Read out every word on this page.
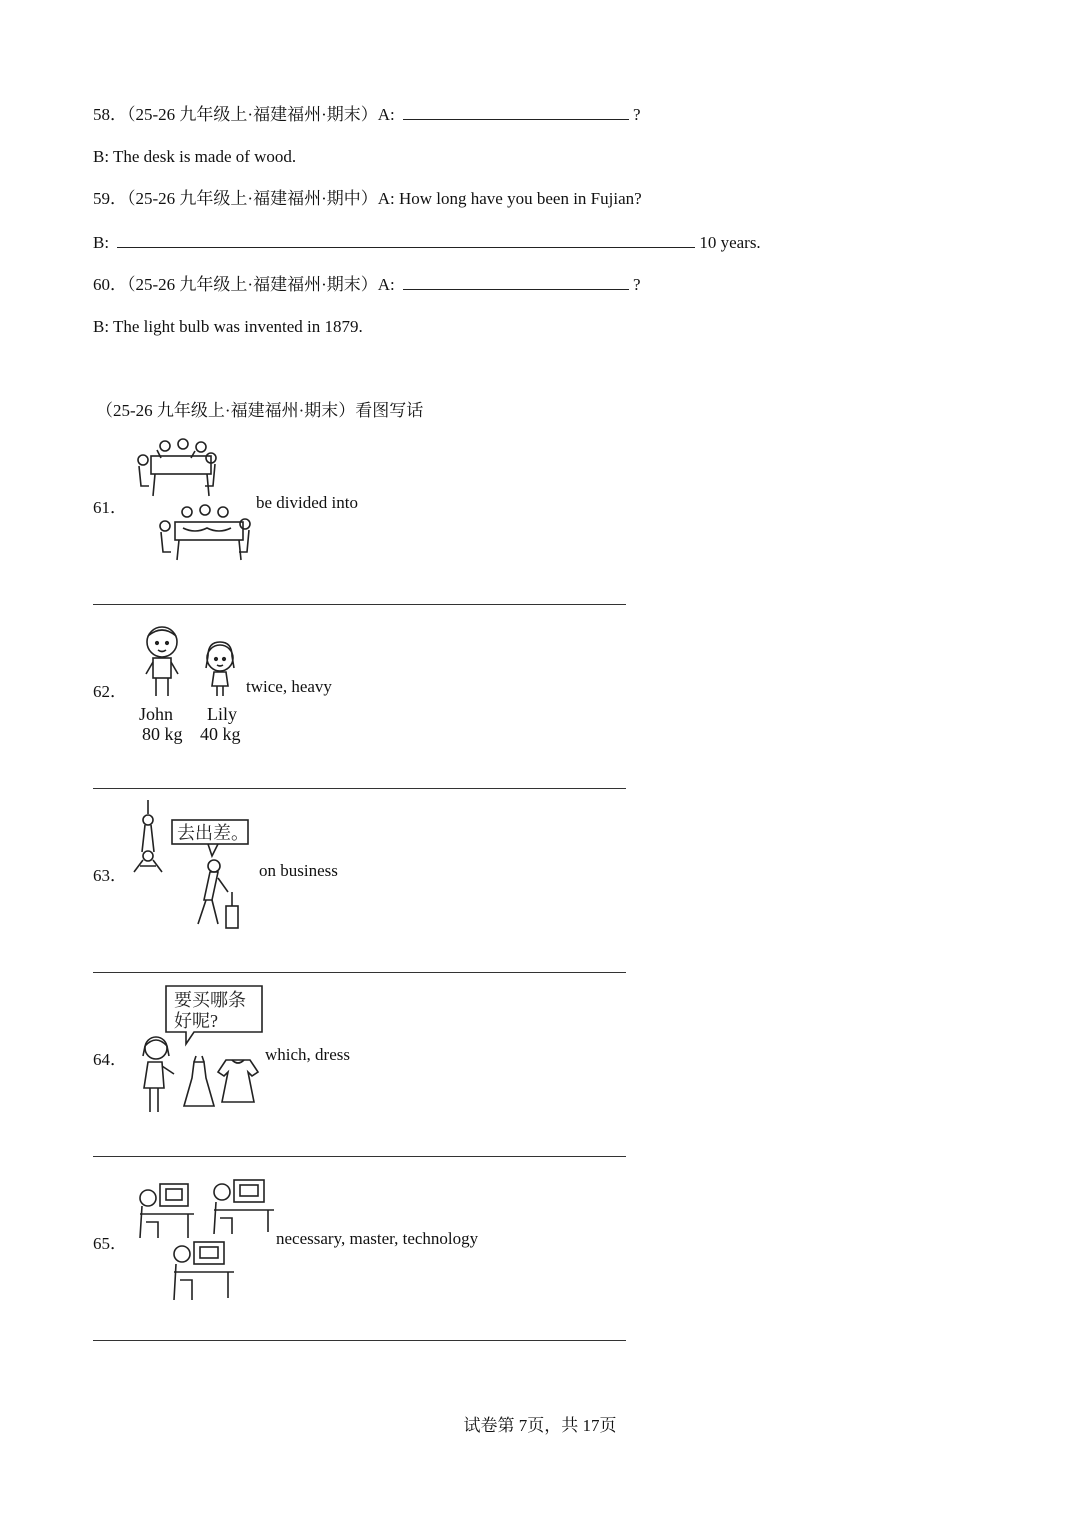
58．（25-26 九年级上·福建福州·期末）A:	?
B: The desk is made of wood.
59．（25-26 九年级上·福建福州·期中）A: How long have you been in Fujian?
B:	10 years.
60．（25-26 九年级上·福建福州·期末）A:	?
B: The light bulb was invented in 1879.
（25-26 九年级上·福建福州·期末）看图写话
61．	be divided into
62．
John
80 kg
Lily
40 kg
twice, heavy
63．
去出差。
on business
64．
要买哪条
好呢?
which, dress
65．	necessary, master, technology
试卷第 7页，共 17页
